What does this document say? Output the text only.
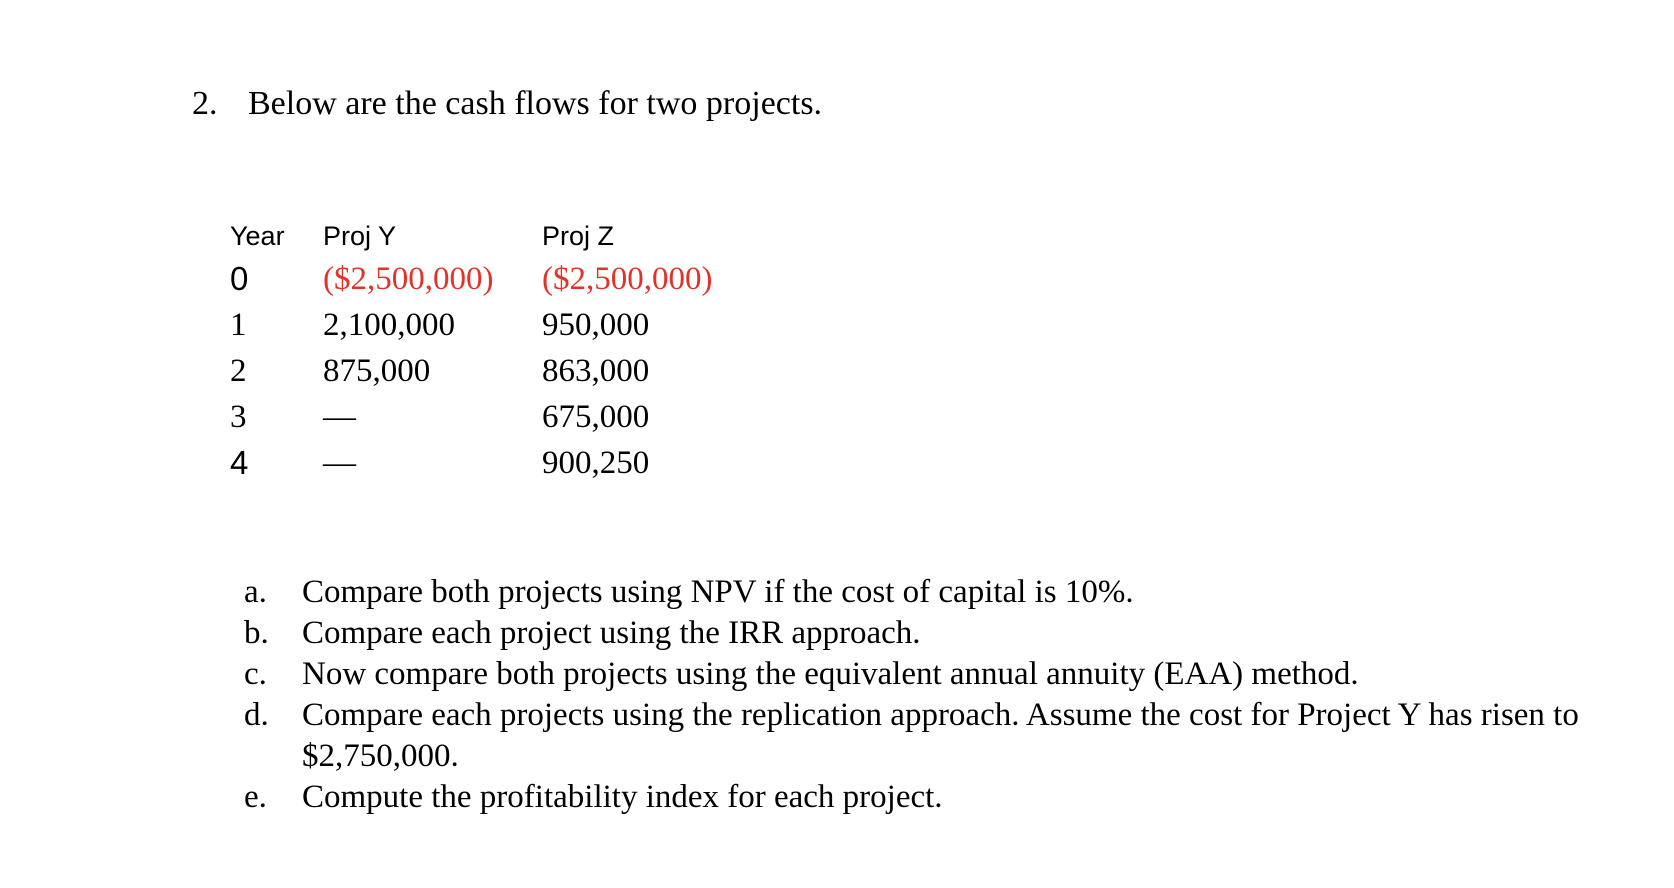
2. Below are the cash flows for two projects.
Year Proj Y	Proj Z
0 ($2,500,000) ($2,500,000)
1 2,100,000	950,000
2 875,000	863,000
3 —	675,000
4 —	900,250
a.	Compare both projects using NPV if the cost of capital is 10%.
b.	Compare each project using the IRR approach.
c.	Now compare both projects using the equivalent annual annuity (EAA) method.
d.	Compare each projects using the replication approach. Assume the cost for Project Y has risen to $2,750,000.
e.	Compute the profitability index for each project.
